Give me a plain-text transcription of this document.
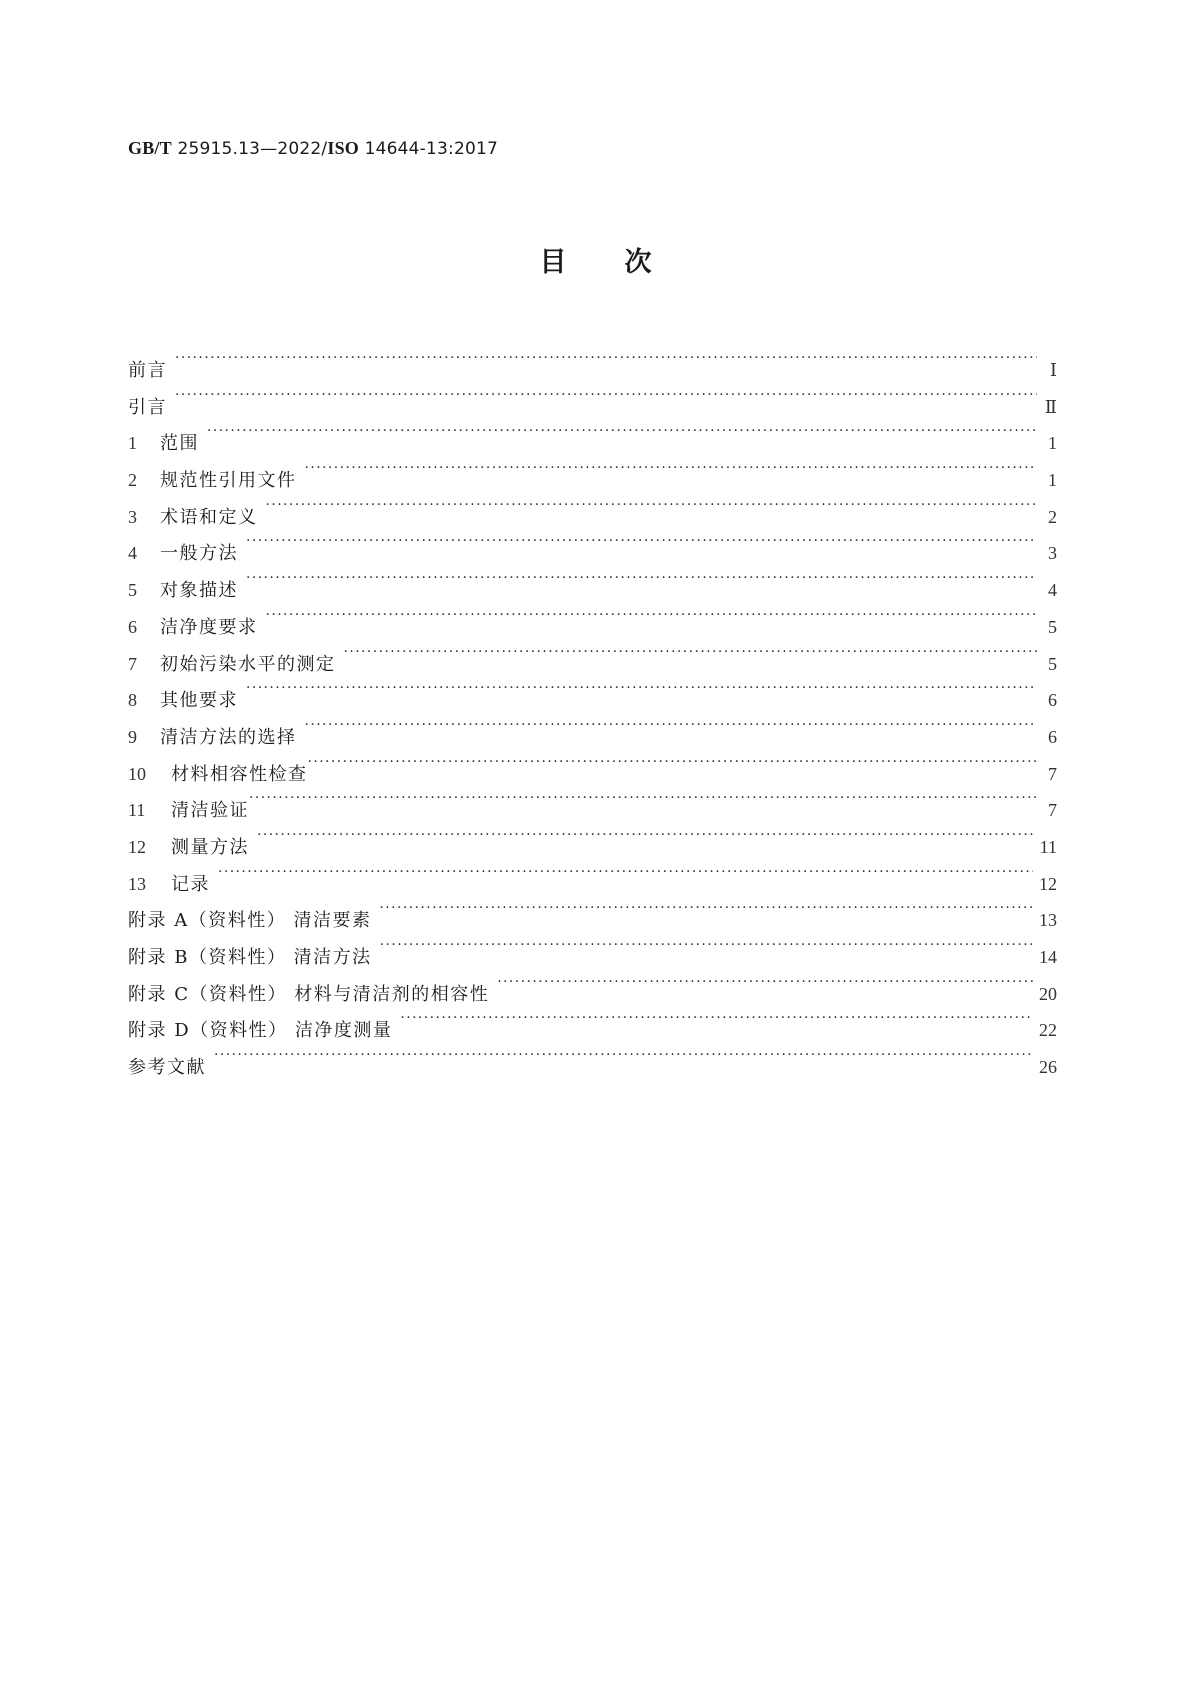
GB/T 25915.13—2022/ISO 14644-13:2017
目次
前言 ·····	Ⅰ
引言 ·····	Ⅱ
1	范围 ·····	1
2	规范性引用文件 ·····	1
3	术语和定义 ·····	2
4	一般方法 ·····	3
5	对象描述 ·····	4
6	洁净度要求 ·····	5
7	初始污染水平的测定 ·····	5
8	其他要求 ·····	6
9	清洁方法的选择 ·····	6
10	材料相容性检查 ·····	7
11	清洁验证 ·····	7
12	测量方法 ·····	11
13	记录 ·····	12
附录 A（资料性） 清洁要素 ·····	13
附录 B（资料性） 清洁方法 ·····	14
附录 C（资料性） 材料与清洁剂的相容性 ·····	20
附录 D（资料性） 洁净度测量 ·····	22
参考文献 ·····	26
